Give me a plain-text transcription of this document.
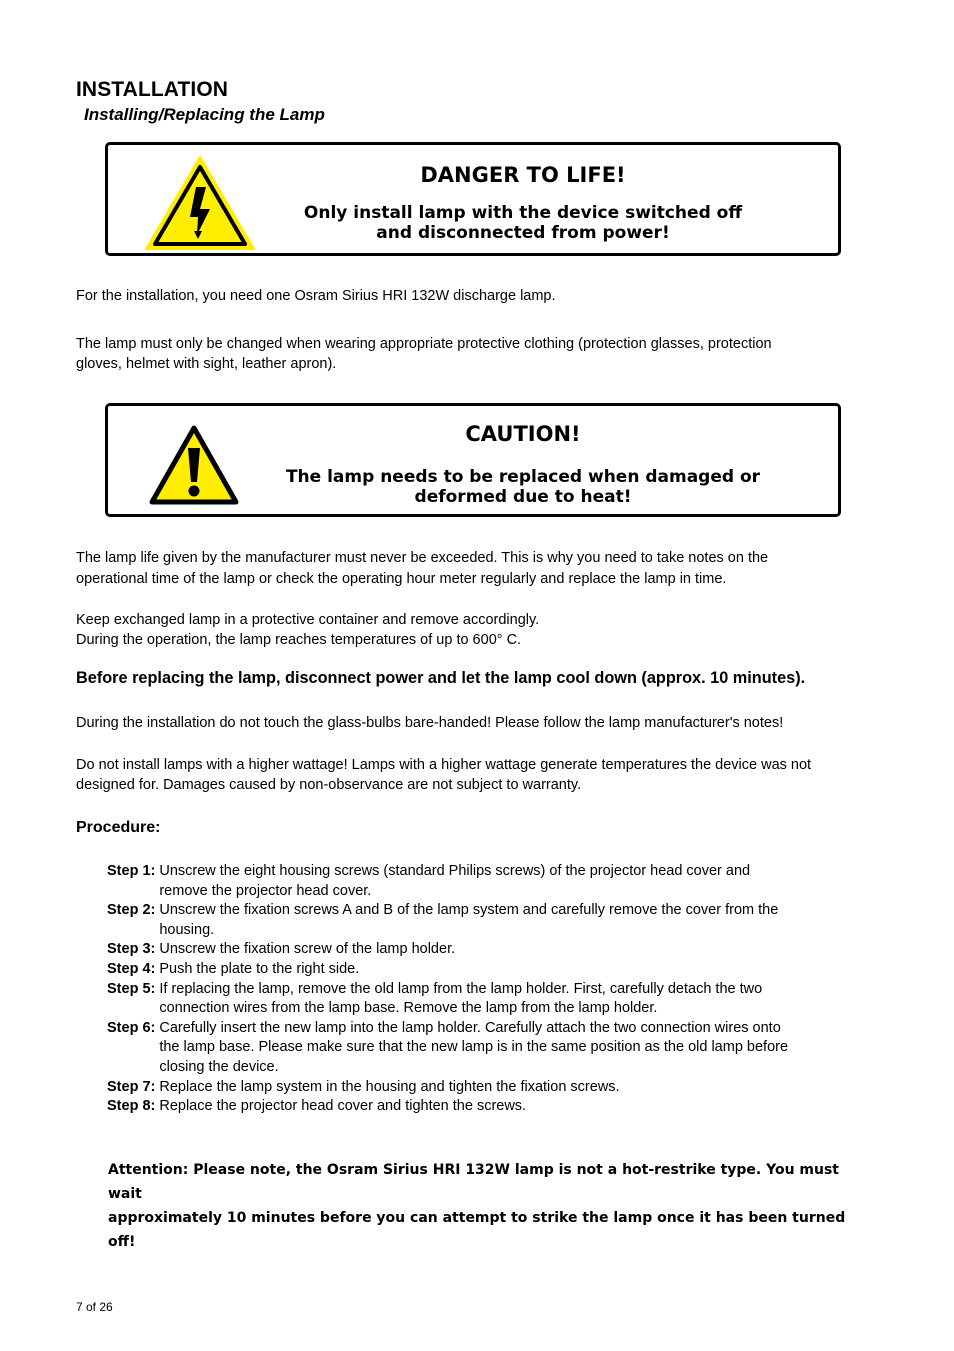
INSTALLATION
Installing/Replacing the Lamp
DANGER TO LIFE!
Only install lamp with the device switched off
and disconnected from power!
For the installation, you need one Osram Sirius HRI 132W discharge lamp.
The lamp must only be changed when wearing appropriate protective clothing (protection glasses, protection
gloves, helmet with sight, leather apron).
CAUTION!
The lamp needs to be replaced when damaged or
deformed due to heat!
The lamp life given by the manufacturer must never be exceeded. This is why you need to take notes on the
operational time of the lamp or check the operating hour meter regularly and replace the lamp in time.
Keep exchanged lamp in a protective container and remove accordingly.
During the operation, the lamp reaches temperatures of up to 600° C.
Before replacing the lamp, disconnect power and let the lamp cool down (approx. 10 minutes).
During the installation do not touch the glass-bulbs bare-handed! Please follow the lamp manufacturer's notes!
Do not install lamps with a higher wattage! Lamps with a higher wattage generate temperatures the device was not
designed for. Damages caused by non-observance are not subject to warranty.
Procedure:
Step 1: Unscrew the eight housing screws (standard Philips screws) of the projector head cover and
remove the projector head cover.
Step 2: Unscrew the fixation screws A and B of the lamp system and carefully remove the cover from the
housing.
Step 3: Unscrew the fixation screw of the lamp holder.
Step 4: Push the plate to the right side.
Step 5: If replacing the lamp, remove the old lamp from the lamp holder. First, carefully detach the two
connection wires from the lamp base. Remove the lamp from the lamp holder.
Step 6: Carefully insert the new lamp into the lamp holder. Carefully attach the two connection wires onto
the lamp base. Please make sure that the new lamp is in the same position as the old lamp before
closing the device.
Step 7: Replace the lamp system in the housing and tighten the fixation screws.
Step 8: Replace the projector head cover and tighten the screws.
Attention: Please note, the Osram Sirius HRI 132W lamp is not a hot-restrike type. You must wait
approximately 10 minutes before you can attempt to strike the lamp once it has been turned off!
7 of 26
